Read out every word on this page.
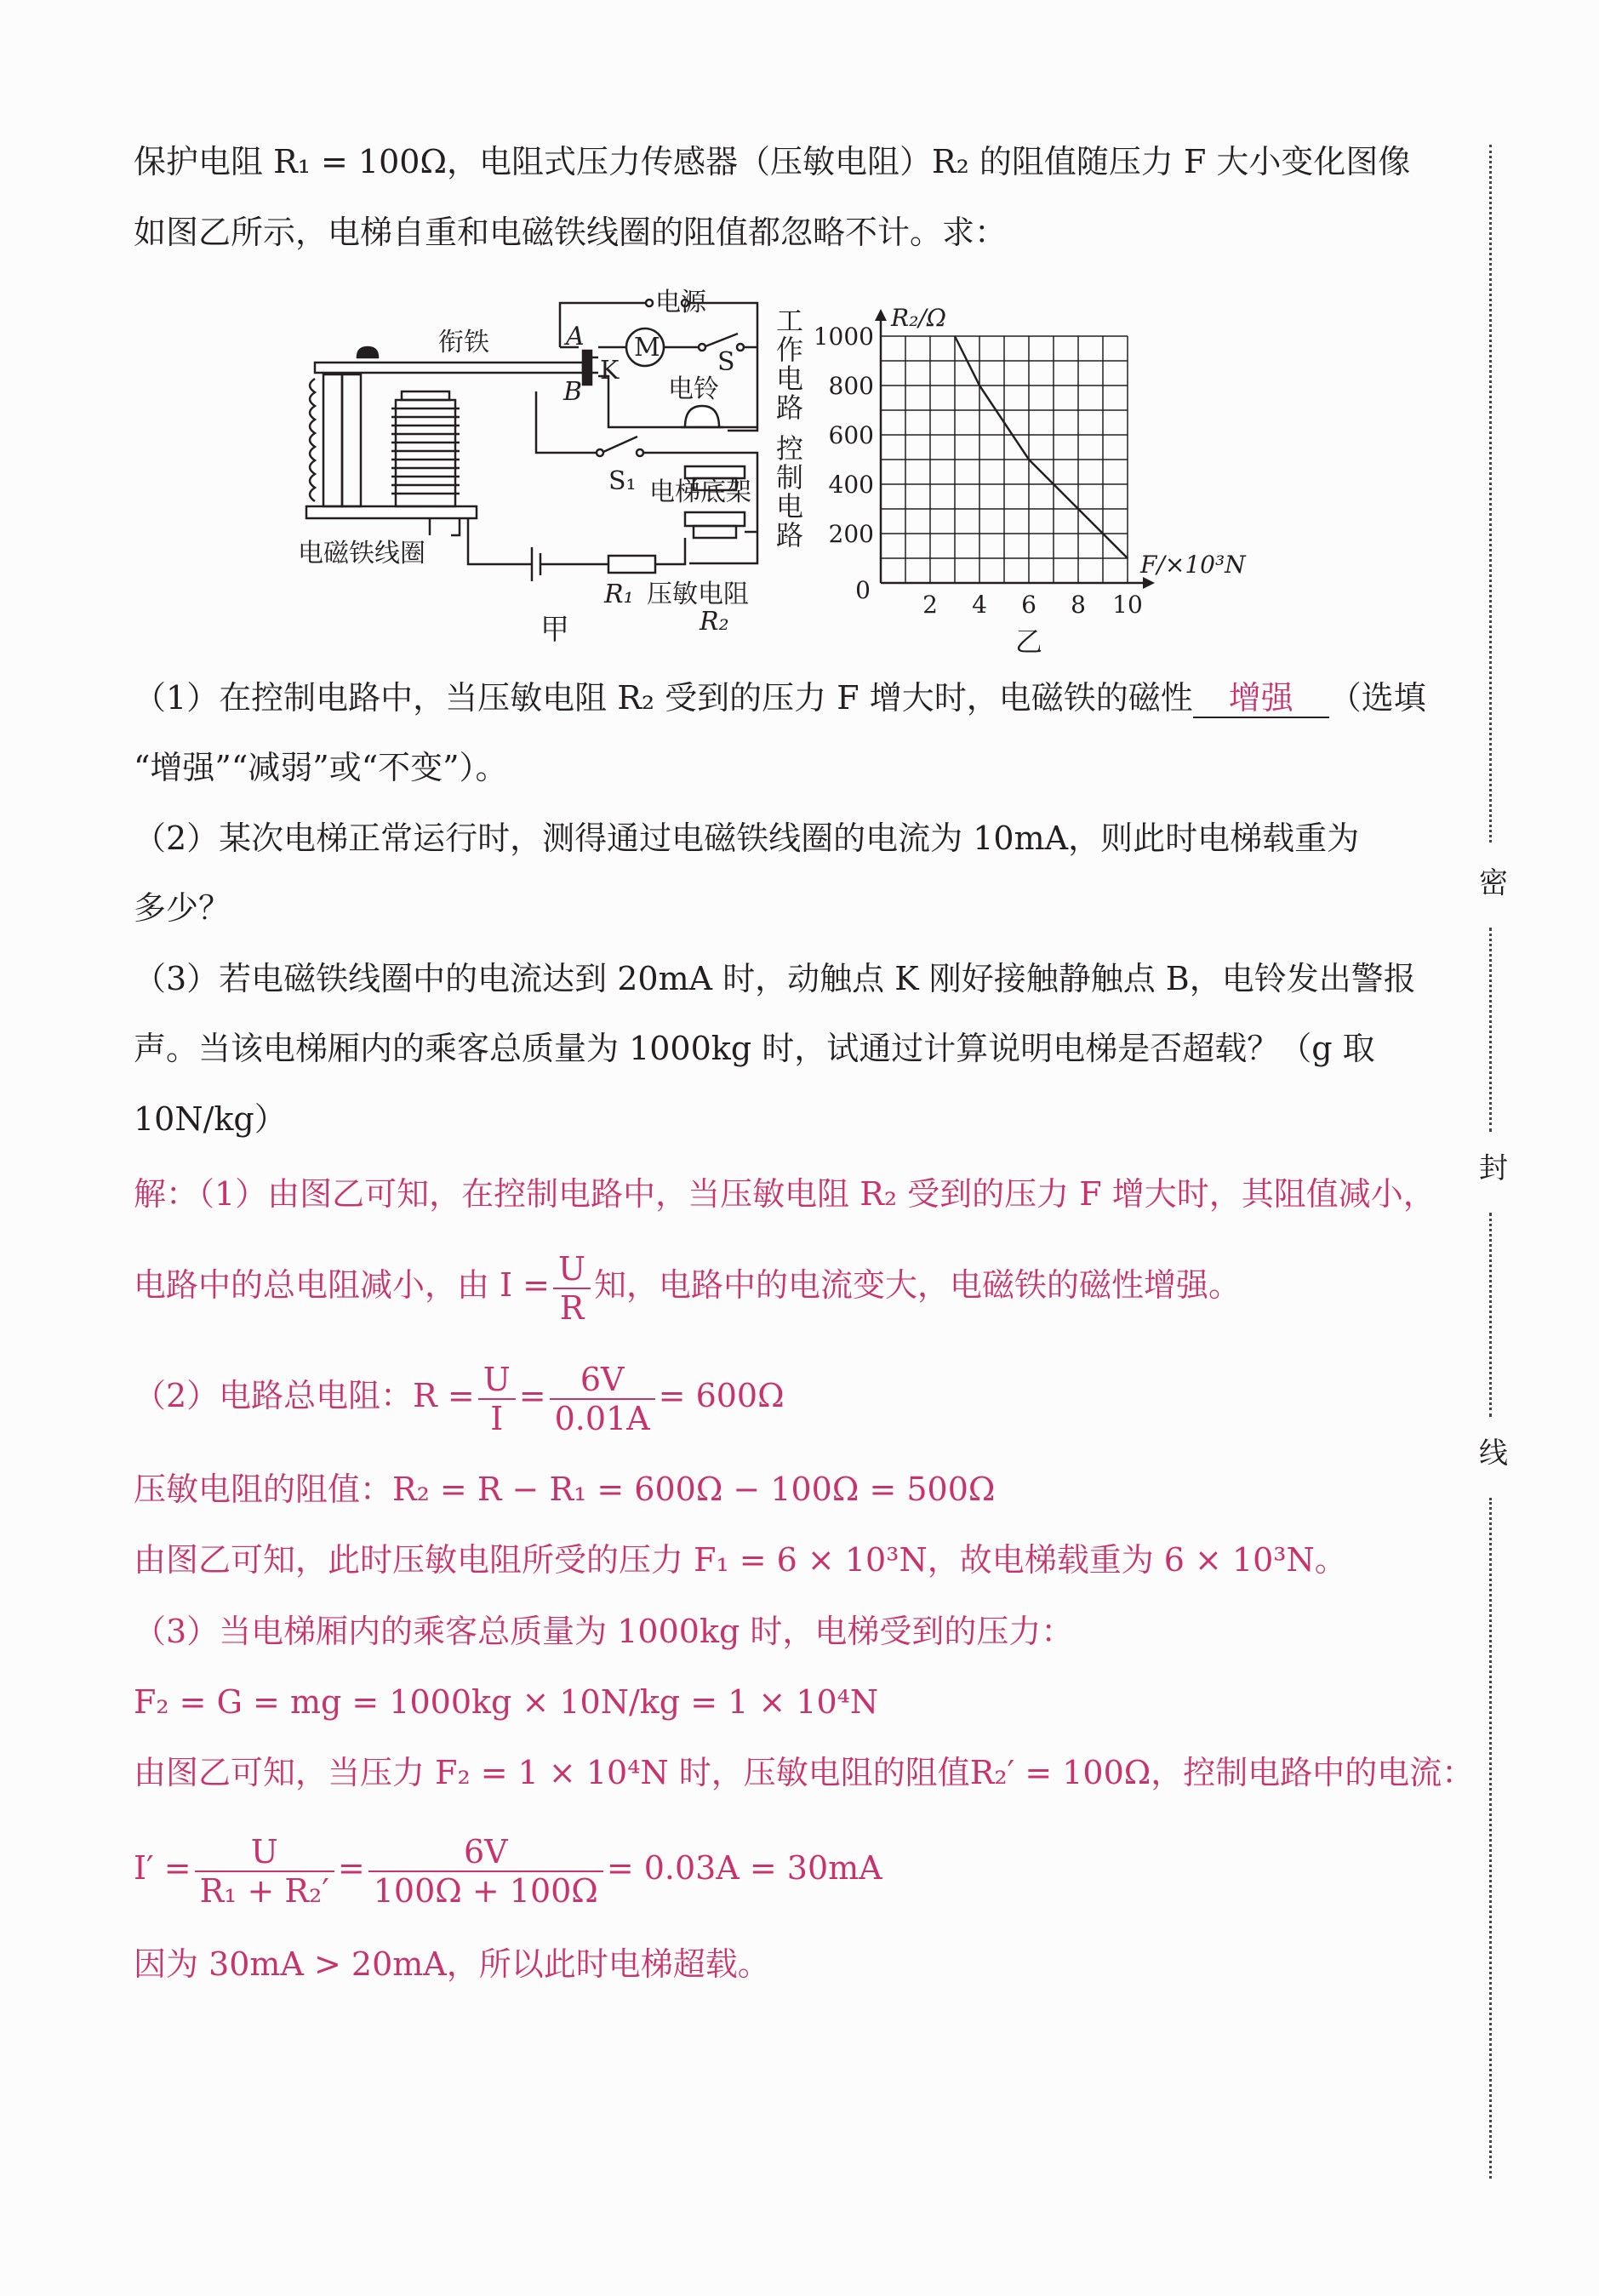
密
封
线
保护电阻 R₁ = 100Ω，电阻式压力传感器（压敏电阻）R₂ 的阻值随压力 F 大小变化图像
如图乙所示，电梯自重和电磁铁线圈的阻值都忽略不计。求：
衔铁	A
B
K
M
电源
S
电铃
S₁ 电梯底架
电磁铁线圈
R₁ 压敏电阻
R₂
工作电路
控制电路
甲
2 4 6 8 10
200
400
600
800
1000
0
R₂/Ω
F/×10³N
乙
（1）在控制电路中，当压敏电阻 R₂ 受到的压力 F 增大时，电磁铁的磁性 增强 （选填
“增强”“减弱”或“不变”）。
（2）某次电梯正常运行时，测得通过电磁铁线圈的电流为 10mA，则此时电梯载重为
多少？
（3）若电磁铁线圈中的电流达到 20mA 时，动触点 K 刚好接触静触点 B，电铃发出警报
声。当该电梯厢内的乘客总质量为 1000kg 时，试通过计算说明电梯是否超载？（g 取
10N/kg）
解：（1）由图乙可知，在控制电路中，当压敏电阻 R₂ 受到的压力 F 增大时，其阻值减小，
电路中的总电阻减小，由 $I = \frac{U}{R}$ 知，电路中的电流变大，电磁铁的磁性增强。
（2）电路总电阻：$R = \frac{U}{I} = \frac{6V}{0.01A} = 600\Omega$
压敏电阻的阻值：R₂ = R − R₁ = 600Ω − 100Ω = 500Ω
由图乙可知，此时压敏电阻所受的压力 F₁ = 6 × 10³N，故电梯载重为 6 × 10³N。
（3）当电梯厢内的乘客总质量为 1000kg 时，电梯受到的压力：
F₂ = G = mg = 1000kg × 10N/kg = 1 × 10⁴N
由图乙可知，当压力 F₂ = 1 × 10⁴N 时，压敏电阻的阻值R₂′ = 100Ω，控制电路中的电流：
$I' = \frac{U}{\text{R₁ + R₂′}} = \frac{6V}{100\Omega + 100\Omega} = 0.03A = 30mA$
因为 30mA > 20mA，所以此时电梯超载。
